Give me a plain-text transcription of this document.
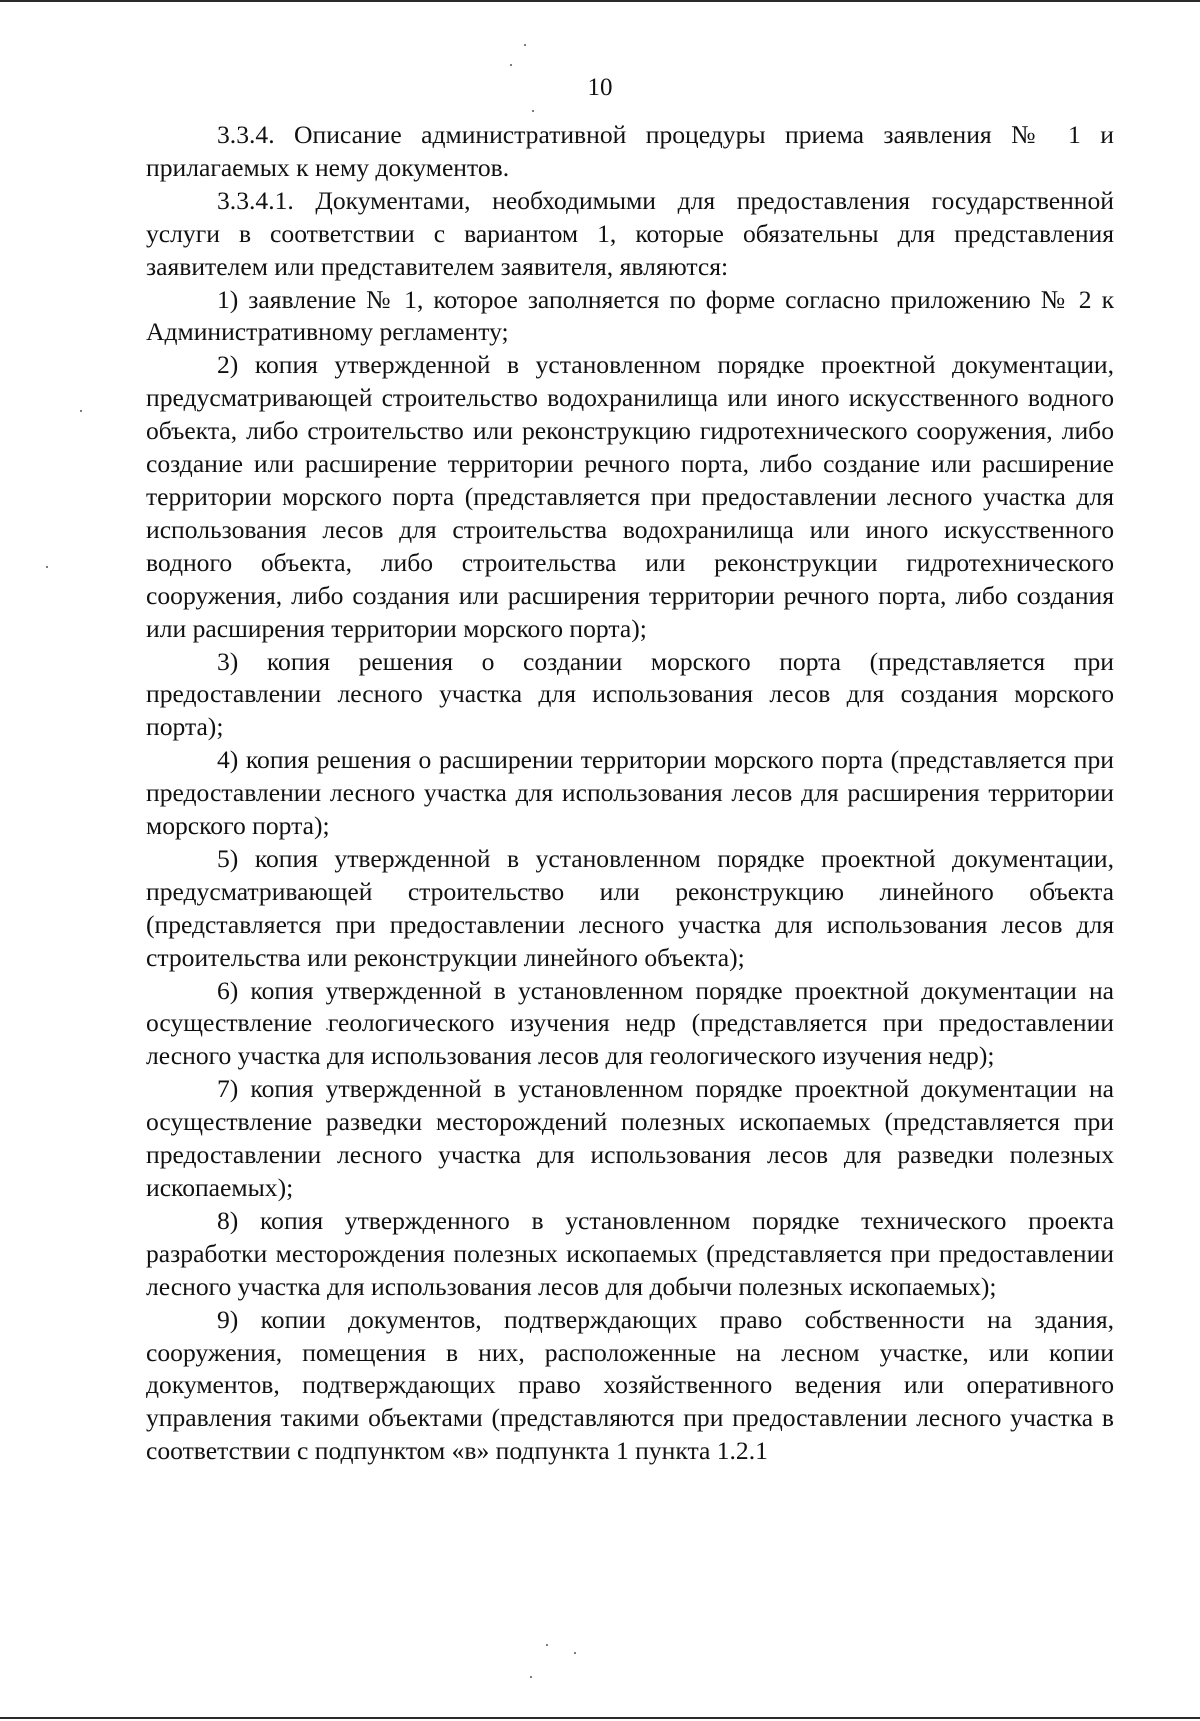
10

3.3.4. Описание административной процедуры приема заявления № 1 и прилагаемых к нему документов.

3.3.4.1. Документами, необходимыми для предоставления государственной услуги в соответствии с вариантом 1, которые обязательны для представления заявителем или представителем заявителя, являются:

1) заявление № 1, которое заполняется по форме согласно приложению № 2 к Административному регламенту;

2) копия утвержденной в установленном порядке проектной документации, предусматривающей строительство водохранилища или иного искусственного водного объекта, либо строительство или реконструкцию гидротехнического сооружения, либо создание или расширение территории речного порта, либо создание или расширение территории морского порта (представляется при предоставлении лесного участка для использования лесов для строительства водохранилища или иного искусственного водного объекта, либо строительства или реконструкции гидротехнического сооружения, либо создания или расширения территории речного порта, либо создания или расширения территории морского порта);

3) копия решения о создании морского порта (представляется при предоставлении лесного участка для использования лесов для создания морского порта);

4) копия решения о расширении территории морского порта (представляется при предоставлении лесного участка для использования лесов для расширения территории морского порта);

5) копия утвержденной в установленном порядке проектной документации, предусматривающей строительство или реконструкцию линейного объекта (представляется при предоставлении лесного участка для использования лесов для строительства или реконструкции линейного объекта);

6) копия утвержденной в установленном порядке проектной документации на осуществление геологического изучения недр (представляется при предоставлении лесного участка для использования лесов для геологического изучения недр);

7) копия утвержденной в установленном порядке проектной документации на осуществление разведки месторождений полезных ископаемых (представляется при предоставлении лесного участка для использования лесов для разведки полезных ископаемых);

8) копия утвержденного в установленном порядке технического проекта разработки месторождения полезных ископаемых (представляется при предоставлении лесного участка для использования лесов для добычи полезных ископаемых);

9) копии документов, подтверждающих право собственности на здания, сооружения, помещения в них, расположенные на лесном участке, или копии документов, подтверждающих право хозяйственного ведения или оперативного управления такими объектами (представляются при предоставлении лесного участка в соответствии с подпунктом «в» подпункта 1 пункта 1.2.1
